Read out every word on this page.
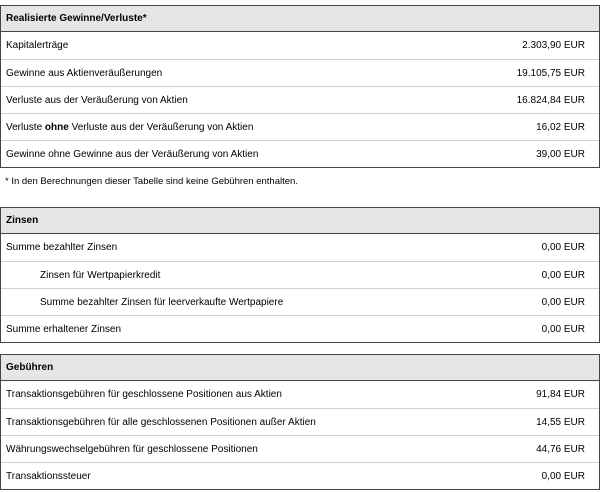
Realisierte Gewinne/Verluste*
Kapitalerträge	2.303,90 EUR
Gewinne aus Aktienveräußerungen	19.105,75 EUR
Verluste aus der Veräußerung von Aktien	16.824,84 EUR
Verluste ohne Verluste aus der Veräußerung von Aktien	16,02 EUR
Gewinne ohne Gewinne aus der Veräußerung von Aktien	39,00 EUR
* In den Berechnungen dieser Tabelle sind keine Gebühren enthalten.
Zinsen
Summe bezahlter Zinsen	0,00 EUR
Zinsen für Wertpapierkredit	0,00 EUR
Summe bezahlter Zinsen für leerverkaufte Wertpapiere	0,00 EUR
Summe erhaltener Zinsen	0,00 EUR
Gebühren
Transaktionsgebühren für geschlossene Positionen aus Aktien	91,84 EUR
Transaktionsgebühren für alle geschlossenen Positionen außer Aktien	14,55 EUR
Währungswechselgebühren für geschlossene Positionen	44,76 EUR
Transaktionssteuer	0,00 EUR
